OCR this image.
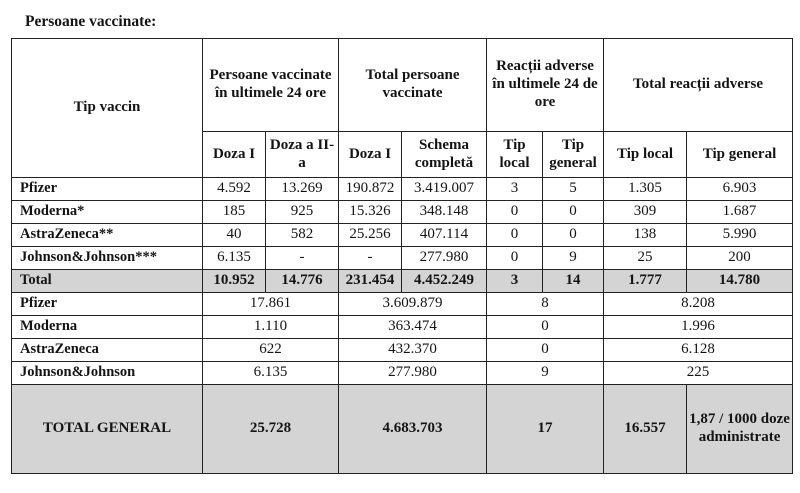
Persoane vaccinate:
Tip vaccin	Persoane vaccinate în ultimele 24 ore		Total persoane vaccinate		Reacții adverse în ultimele 24 de ore		Total reacții adverse	
	Doza I	Doza a II-a	Doza I	Schema completă	Tip local	Tip general	Tip local	Tip general
Pfizer	4.592	13.269	190.872	3.419.007	3	5	1.305	6.903
Moderna*	185	925	15.326	348.148	0	0	309	1.687
AstraZeneca**	40	582	25.256	407.114	0	0	138	5.990
Johnson&Johnson***	6.135	-	-	277.980	0	9	25	200
Total	10.952	14.776	231.454	4.452.249	3	14	1.777	14.780
Pfizer	17.861		3.609.879		8		8.208	
Moderna	1.110		363.474		0		1.996	
AstraZeneca	622		432.370		0		6.128	
Johnson&Johnson	6.135		277.980		9		225	
TOTAL GENERAL	25.728		4.683.703		17		16.557	1,87 / 1000 doze administrate
